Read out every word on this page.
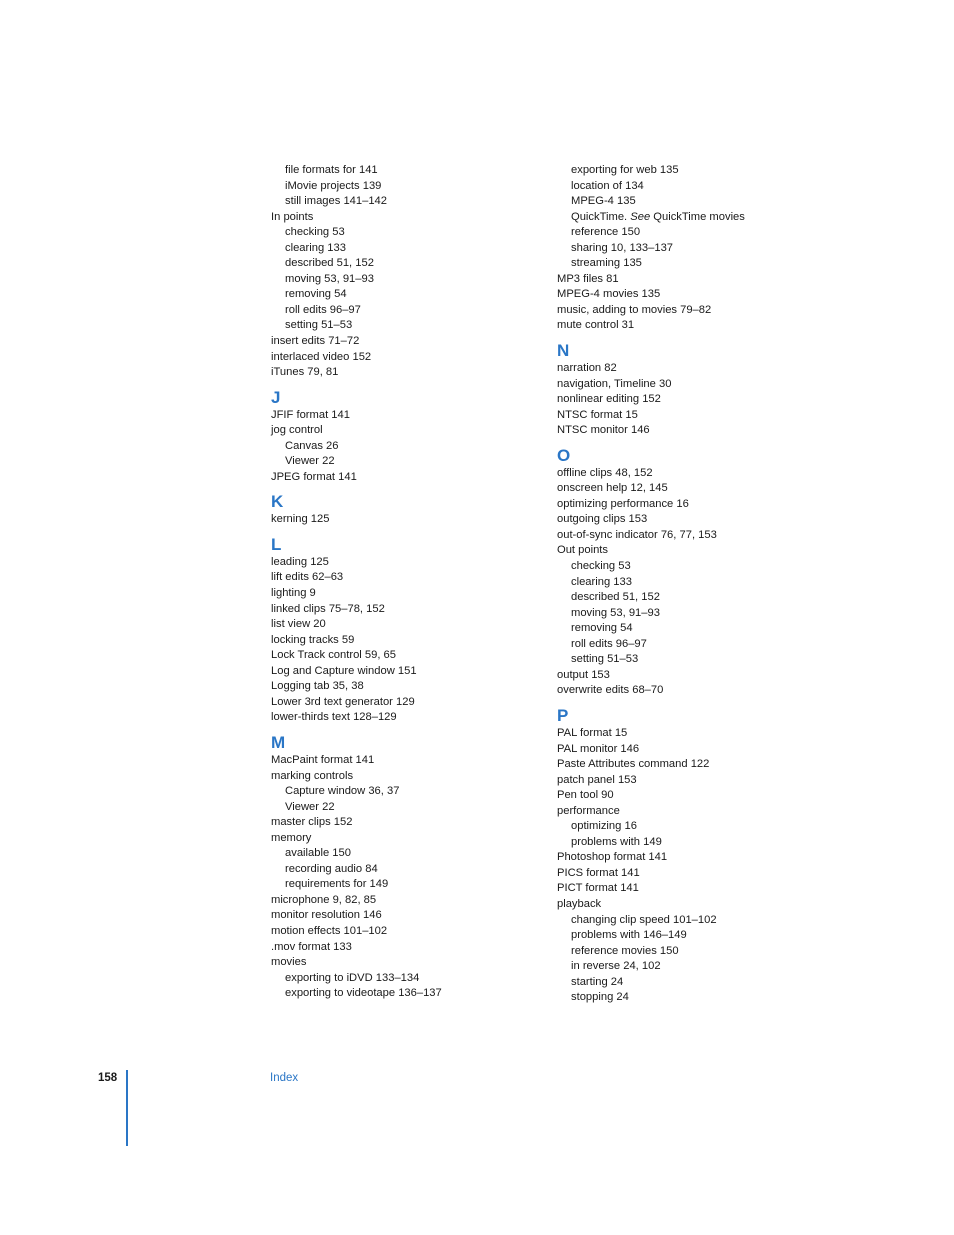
file formats for 141
iMovie projects 139
still images 141–142
In points
checking 53
clearing 133
described 51, 152
moving 53, 91–93
removing 54
roll edits 96–97
setting 51–53
insert edits 71–72
interlaced video 152
iTunes 79, 81
J
JFIF format 141
jog control
Canvas 26
Viewer 22
JPEG format 141
K
kerning 125
L
leading 125
lift edits 62–63
lighting 9
linked clips 75–78, 152
list view 20
locking tracks 59
Lock Track control 59, 65
Log and Capture window 151
Logging tab 35, 38
Lower 3rd text generator 129
lower-thirds text 128–129
M
MacPaint format 141
marking controls
Capture window 36, 37
Viewer 22
master clips 152
memory
available 150
recording audio 84
requirements for 149
microphone 9, 82, 85
monitor resolution 146
motion effects 101–102
.mov format 133
movies
exporting to iDVD 133–134
exporting to videotape 136–137
exporting for web 135
location of 134
MPEG-4 135
QuickTime. See QuickTime movies
reference 150
sharing 10, 133–137
streaming 135
MP3 files 81
MPEG-4 movies 135
music, adding to movies 79–82
mute control 31
N
narration 82
navigation, Timeline 30
nonlinear editing 152
NTSC format 15
NTSC monitor 146
O
offline clips 48, 152
onscreen help 12, 145
optimizing performance 16
outgoing clips 153
out-of-sync indicator 76, 77, 153
Out points
checking 53
clearing 133
described 51, 152
moving 53, 91–93
removing 54
roll edits 96–97
setting 51–53
output 153
overwrite edits 68–70
P
PAL format 15
PAL monitor 146
Paste Attributes command 122
patch panel 153
Pen tool 90
performance
optimizing 16
problems with 149
Photoshop format 141
PICS format 141
PICT format 141
playback
changing clip speed 101–102
problems with 146–149
reference movies 150
in reverse 24, 102
starting 24
stopping 24
158	Index
